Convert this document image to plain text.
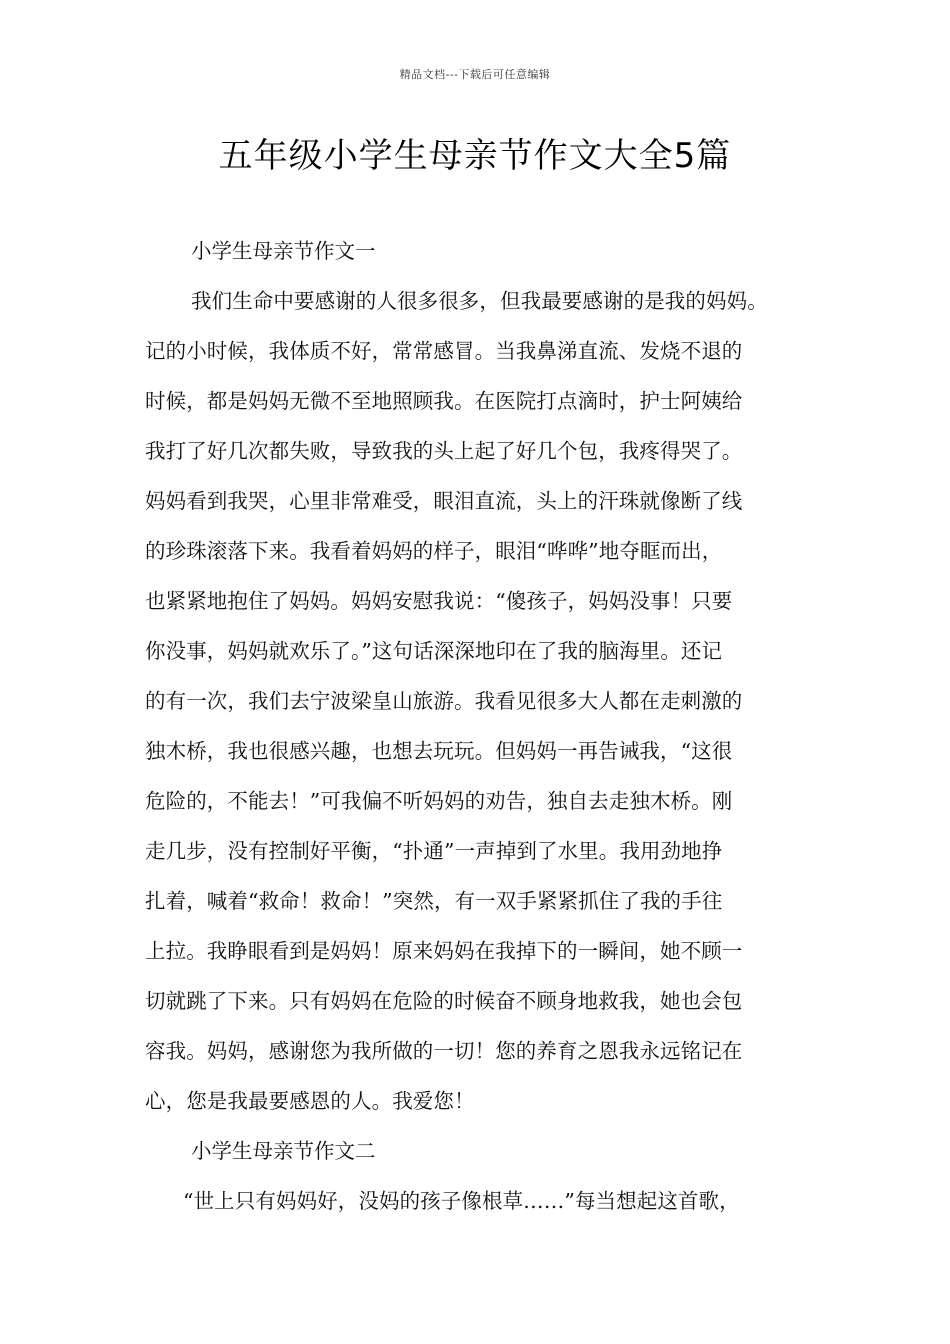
精品文档---下载后可任意编辑
五年级小学生母亲节作文大全5篇

小学生母亲节作文一

我们生命中要感谢的人很多很多，但我最要感谢的是我的妈妈。

记的小时候，我体质不好，常常感冒。当我鼻涕直流、发烧不退的

时候，都是妈妈无微不至地照顾我。在医院打点滴时，护士阿姨给

我打了好几次都失败，导致我的头上起了好几个包，我疼得哭了。

妈妈看到我哭，心里非常难受，眼泪直流，头上的汗珠就像断了线

的珍珠滚落下来。我看着妈妈的样子，眼泪“哗哗”地夺眶而出，

也紧紧地抱住了妈妈。妈妈安慰我说：“傻孩子，妈妈没事！只要

你没事，妈妈就欢乐了。”这句话深深地印在了我的脑海里。还记

的有一次，我们去宁波梁皇山旅游。我看见很多大人都在走刺激的

独木桥，我也很感兴趣，也想去玩玩。但妈妈一再告诫我，“这很

危险的，不能去！”可我偏不听妈妈的劝告，独自去走独木桥。刚

走几步，没有控制好平衡，“扑通”一声掉到了水里。我用劲地挣

扎着，喊着“救命！救命！”突然，有一双手紧紧抓住了我的手往

上拉。我睁眼看到是妈妈！原来妈妈在我掉下的一瞬间，她不顾一

切就跳了下来。只有妈妈在危险的时候奋不顾身地救我，她也会包

容我。妈妈，感谢您为我所做的一切！您的养育之恩我永远铭记在

心，您是我最要感恩的人。我爱您！

小学生母亲节作文二

“世上只有妈妈好，没妈的孩子像根草……”每当想起这首歌，
